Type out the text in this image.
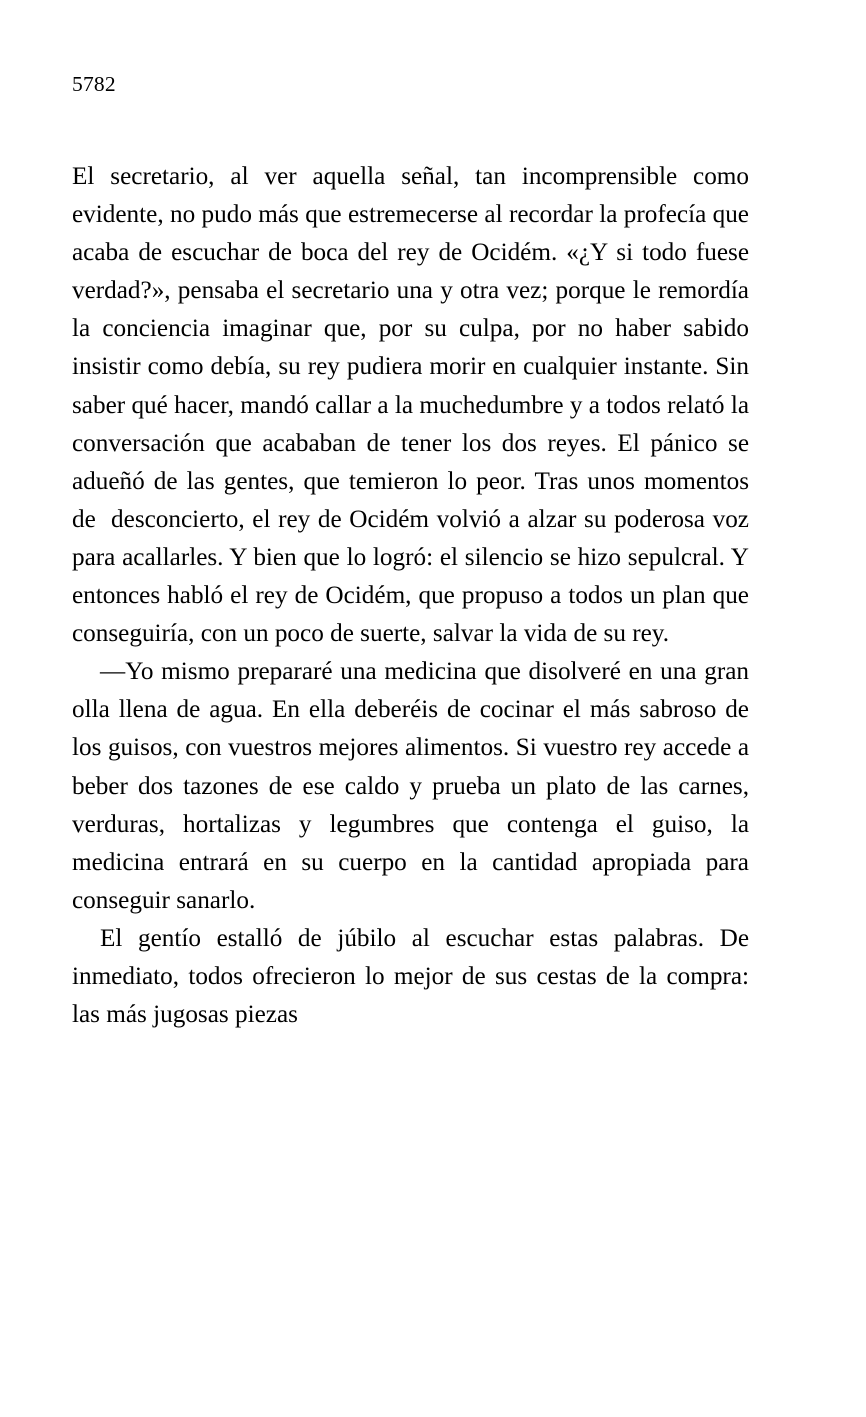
5782

El secretario, al ver aquella señal, tan incomprensible como evidente, no pudo más que estremecerse al recordar la profecía que acaba de escuchar de boca del rey de Ocidém. «¿Y si todo fuese verdad?», pensaba el secretario una y otra vez; porque le remordía la conciencia imaginar que, por su culpa, por no haber sabido insistir como debía, su rey pudiera morir en cualquier instante. Sin saber qué hacer, mandó callar a la muchedumbre y a todos relató la conversación que acababan de tener los dos reyes. El pánico se adueñó de las gentes, que temieron lo peor. Tras unos momentos de  desconcierto, el rey de Ocidém volvió a alzar su poderosa voz para acallarles. Y bien que lo logró: el silencio se hizo sepulcral. Y entonces habló el rey de Ocidém, que propuso a todos un plan que conseguiría, con un poco de suerte, salvar la vida de su rey.

—Yo mismo prepararé una medicina que disolveré en una gran olla llena de agua. En ella deberéis de cocinar el más sabroso de los guisos, con vuestros mejores alimentos. Si vuestro rey accede a beber dos tazones de ese caldo y prueba un plato de las carnes, verduras, hortalizas y legumbres que contenga el guiso, la medicina entrará en su cuerpo en la cantidad apropiada para conseguir sanarlo.

El gentío estalló de júbilo al escuchar estas palabras. De inmediato, todos ofrecieron lo mejor de sus cestas de la compra: las más jugosas piezas
